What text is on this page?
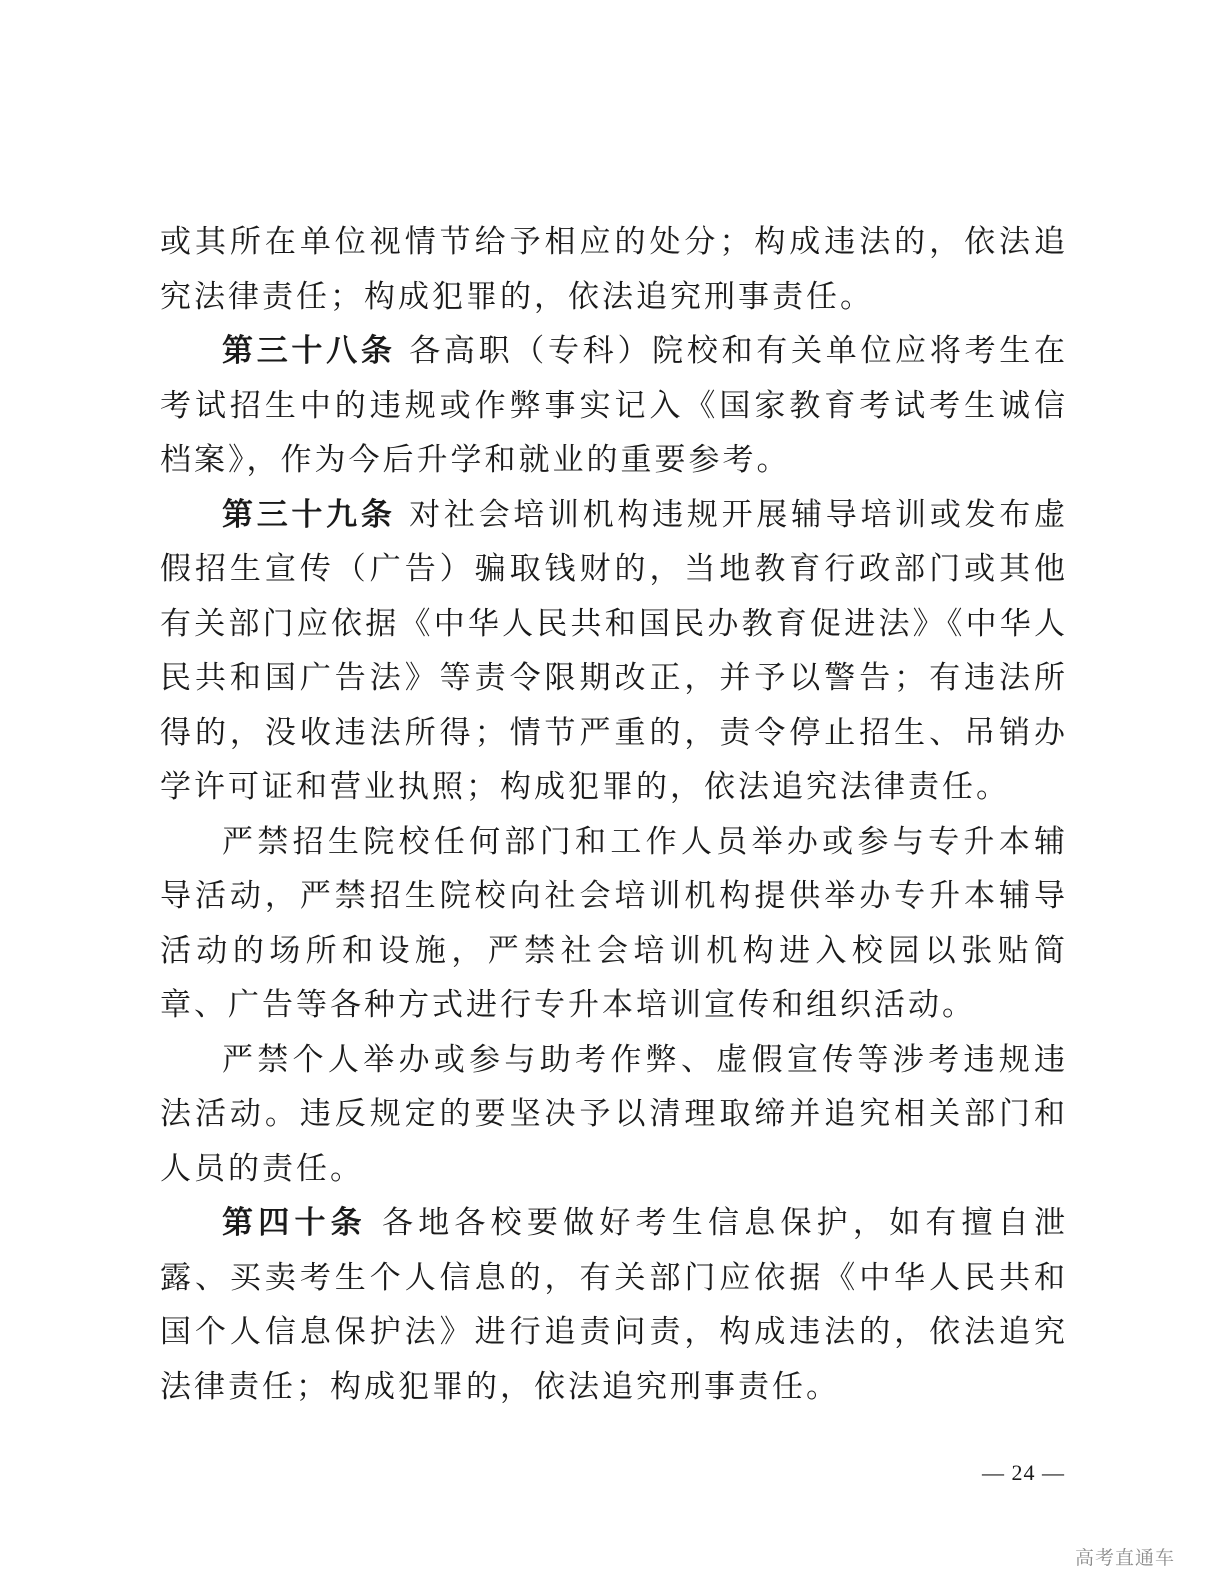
或其所在单位视情节给予相应的处分；构成违法的，依法追究法律责任；构成犯罪的，依法追究刑事责任。

第三十八条 各高职（专科）院校和有关单位应将考生在考试招生中的违规或作弊事实记入《国家教育考试考生诚信档案》，作为今后升学和就业的重要参考。

第三十九条 对社会培训机构违规开展辅导培训或发布虚假招生宣传（广告）骗取钱财的，当地教育行政部门或其他有关部门应依据《中华人民共和国民办教育促进法》《中华人民共和国广告法》等责令限期改正，并予以警告；有违法所得的，没收违法所得；情节严重的，责令停止招生、吊销办学许可证和营业执照；构成犯罪的，依法追究法律责任。

严禁招生院校任何部门和工作人员举办或参与专升本辅导活动，严禁招生院校向社会培训机构提供举办专升本辅导活动的场所和设施，严禁社会培训机构进入校园以张贴简章、广告等各种方式进行专升本培训宣传和组织活动。

严禁个人举办或参与助考作弊、虚假宣传等涉考违规违法活动。违反规定的要坚决予以清理取缔并追究相关部门和人员的责任。

第四十条 各地各校要做好考生信息保护，如有擅自泄露、买卖考生个人信息的，有关部门应依据《中华人民共和国个人信息保护法》进行追责问责，构成违法的，依法追究法律责任；构成犯罪的，依法追究刑事责任。

— 24 —
高考直通车
